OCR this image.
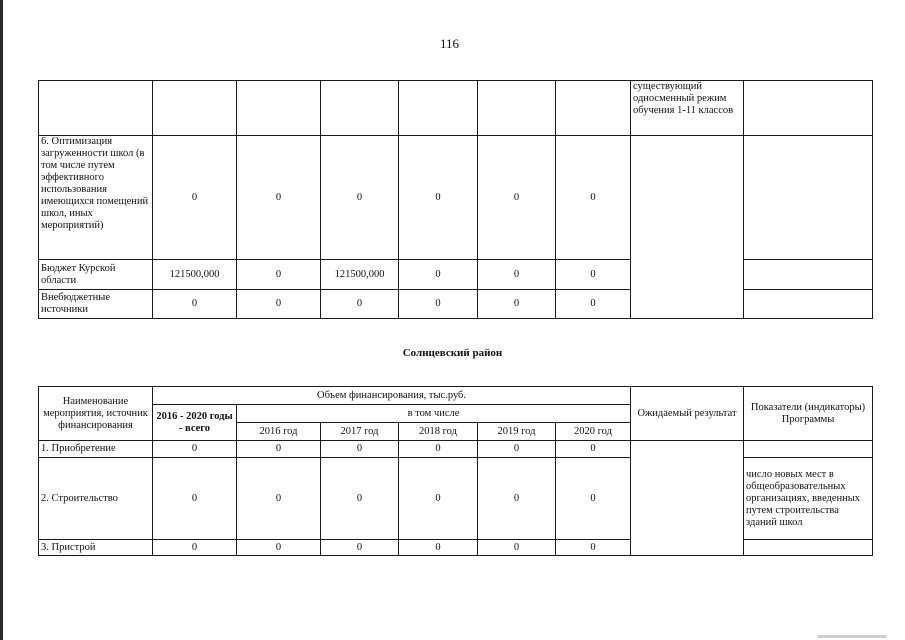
116
							существующий односменный режим обучения 1-11 классов	
6. Оптимизация загруженности школ (в том числе путем эффективного использования имеющихся помещений школ, иных мероприятий)	0	0	0	0	0	0		
Бюджет Курской области	121500,000	0	121500,000	0	0	0		
Внебюджетные источники	0	0	0	0	0	0		
Солнцевский район
Наименование мероприятия, источник финансирования	Объем финансирования, тыс.руб.						Ожидаемый результат	Показатели (индикаторы) Программы
	2016 - 2020 годы - всего	в том числе						
		2016 год	2017 год	2018 год	2019 год	2020 год		
1. Приобретение	0	0	0	0	0	0		
2. Строительство	0	0	0	0	0	0		число новых мест в общеобразовательных организациях, введенных путем строительства зданий школ
3. Пристрой	0	0	0	0	0	0		
